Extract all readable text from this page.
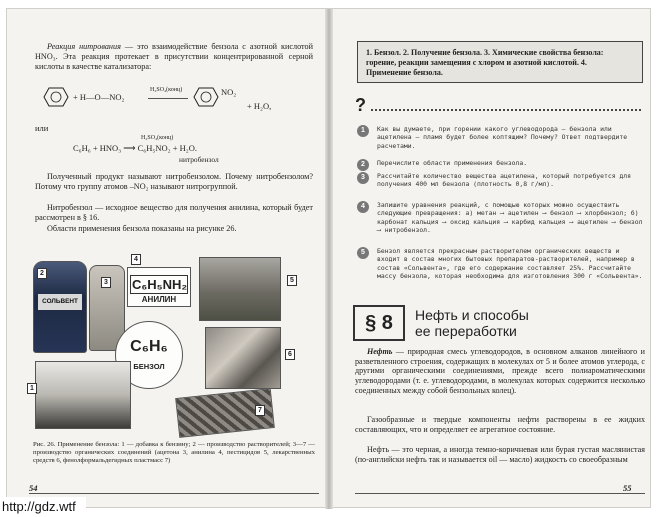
Реакция нитрования — это взаимодействие бензола с азотной кислотой HNO₃. Эта реакция протекает в присутствии концентрированной серной кислоты в качестве катализатора:
+ H—O—NO₂
H₂SO₄(конц)	NO₂
+ H₂O,
или
H₂SO₄(конц)
C₆H₆ + HNO₃ ⟶ C₆H₅NO₂ + H₂O.
нитробензол
Полученный продукт называют нитробензолом. Почему нитробензолом? Потому что группу атомов –NO₂ называют нитрогруппой.
Нитробензол — исходное вещество для получения анилина, который будет рассмотрен в § 16.
Области применения бензола показаны на рисунке 26.
СОЛЬВЕНТ
C₆H₅NH₂
АНИЛИН
C₆H₆
БЕНЗОЛ
1
2
3
4
5
6
7
Рис. 26. Применение бензола: 1 — добавка к бензину; 2 — производство растворителей; 3—7 — производство органических соединений (ацетона 3, анилина 4, пестицидов 5, лекарственных средств 6, фенолформальдегидных пластмасс 7)
54
1. Бензол. 2. Получение бензола. 3. Химические свойства бензола: горение, реакции замещения с хлором и азотной кислотой. 4. Применение бензола.
?
1	Как вы думаете, при горении какого углеводорода — бензола или ацетилена — пламя будет более коптящим? Почему? Ответ подтвердите расчетами.
2	Перечислите области применения бензола.
3	Рассчитайте количество вещества ацетилена, который потребуется для получения 400 мл бензола (плотность 0,8 г/мл).
4	Запишите уравнения реакций, с помощью которых можно осуществить следующие превращения: а) метан ⟶ ацетилен ⟶ бензол ⟶ хлорбензол; б) карбонат кальция ⟶ оксид кальция ⟶ карбид кальция ⟶ ацетилен ⟶ бензол ⟶ нитробензол.
5	Бензол является прекрасным растворителем органических веществ и входит в состав многих бытовых препаратов-растворителей, например в состав «Сольвента», где его содержание составляет 25%. Рассчитайте массу бензола, которая необходима для изготовления 300 г «Сольвента».
§ 8	Нефть и способы
ее переработки
Нефть — природная смесь углеводородов, в основном алканов линейного и разветвленного строения, содержащих в молекулах от 5 и более атомов углерода, с другими органическими соединениями, прежде всего полиароматическими углеводородами (т. е. углеводородами, в молекулах которых содержится несколько соединенных между собой бензольных колец).
Газообразные и твердые компоненты нефти растворены в ее жидких составляющих, что и определяет ее агрегатное состояние.
Нефть — это черная, а иногда темно-коричневая или бурая густая маслянистая (по-английски нефть так и называется oil — масло) жидкость со своеобразным
55
http://gdz.wtf
